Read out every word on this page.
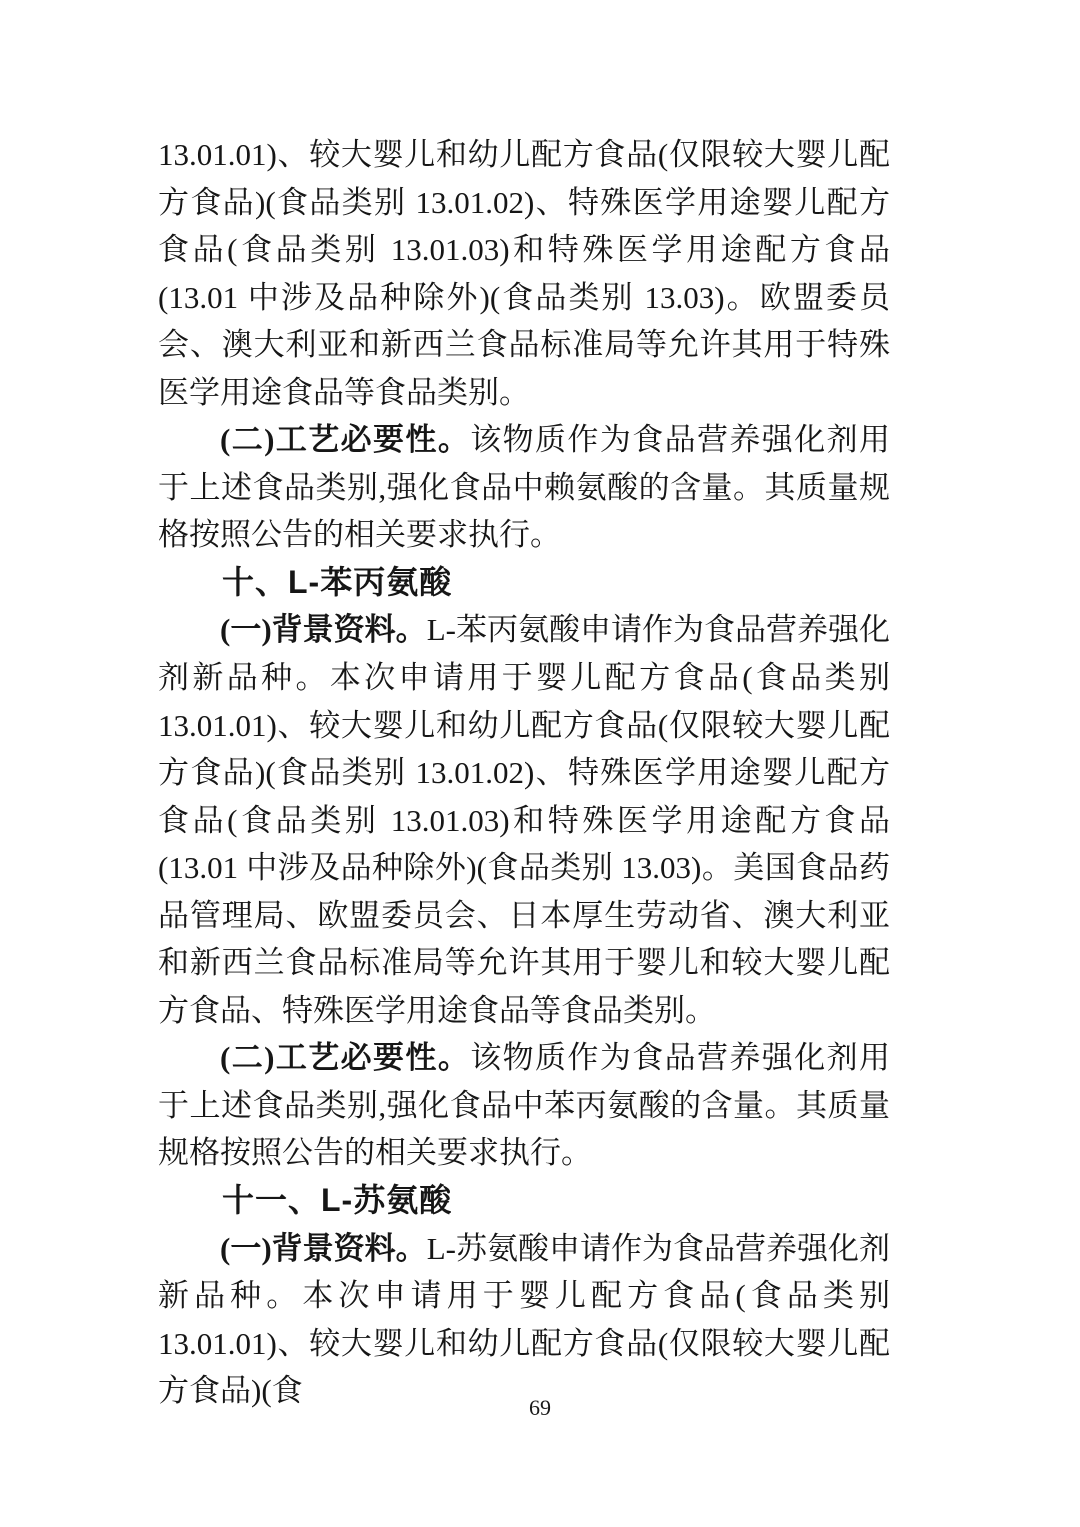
13.01.01)、较大婴儿和幼儿配方食品(仅限较大婴儿配方食品)(食品类别 13.01.02)、特殊医学用途婴儿配方食品(食品类别 13.01.03)和特殊医学用途配方食品(13.01 中涉及品种除外)(食品类别 13.03)。欧盟委员会、澳大利亚和新西兰食品标准局等允许其用于特殊医学用途食品等食品类别。

(二)工艺必要性。该物质作为食品营养强化剂用于上述食品类别,强化食品中赖氨酸的含量。其质量规格按照公告的相关要求执行。

十、L-苯丙氨酸

(一)背景资料。L-苯丙氨酸申请作为食品营养强化剂新品种。本次申请用于婴儿配方食品(食品类别 13.01.01)、较大婴儿和幼儿配方食品(仅限较大婴儿配方食品)(食品类别 13.01.02)、特殊医学用途婴儿配方食品(食品类别 13.01.03)和特殊医学用途配方食品(13.01 中涉及品种除外)(食品类别 13.03)。美国食品药品管理局、欧盟委员会、日本厚生劳动省、澳大利亚和新西兰食品标准局等允许其用于婴儿和较大婴儿配方食品、特殊医学用途食品等食品类别。

(二)工艺必要性。该物质作为食品营养强化剂用于上述食品类别,强化食品中苯丙氨酸的含量。其质量规格按照公告的相关要求执行。

十一、L-苏氨酸

(一)背景资料。L-苏氨酸申请作为食品营养强化剂新品种。本次申请用于婴儿配方食品(食品类别 13.01.01)、较大婴儿和幼儿配方食品(仅限较大婴儿配方食品)(食	69
